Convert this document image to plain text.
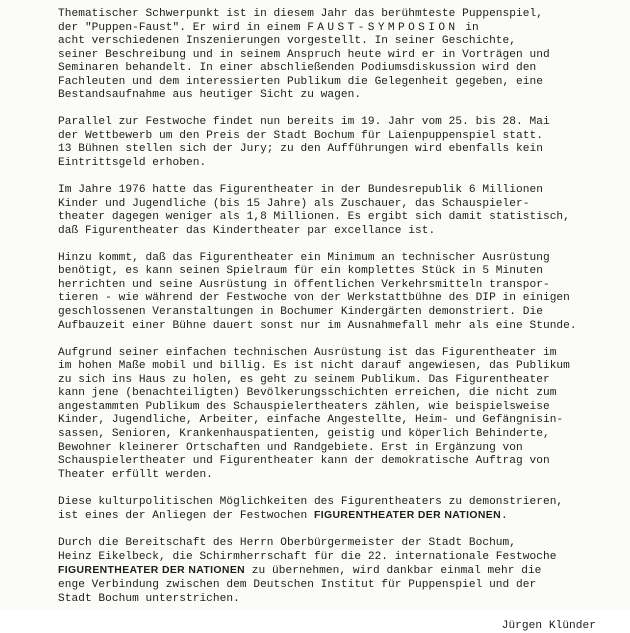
Thematischer Schwerpunkt ist in diesem Jahr das berühmteste Puppenspiel,
der "Puppen-Faust". Er wird in einem FAUST-SYMPOSION in
acht verschiedenen Inszenierungen vorgestellt. In seiner Geschichte,
seiner Beschreibung und in seinem Anspruch heute wird er in Vorträgen und
Seminaren behandelt. In einer abschließenden Podiumsdiskussion wird den
Fachleuten und dem interessierten Publikum die Gelegenheit gegeben, eine
Bestandsaufnahme aus heutiger Sicht zu wagen.
Parallel zur Festwoche findet nun bereits im 19. Jahr vom 25. bis 28. Mai
der Wettbewerb um den Preis der Stadt Bochum für Laienpuppenspiel statt.
13 Bühnen stellen sich der Jury; zu den Aufführungen wird ebenfalls kein
Eintrittsgeld erhoben.
Im Jahre 1976 hatte das Figurentheater in der Bundesrepublik 6 Millionen
Kinder und Jugendliche (bis 15 Jahre) als Zuschauer, das Schauspieler-
theater dagegen weniger als 1,8 Millionen. Es ergibt sich damit statistisch,
daß Figurentheater das Kindertheater par excellance ist.
Hinzu kommt, daß das Figurentheater ein Minimum an technischer Ausrüstung
benötigt, es kann seinen Spielraum für ein komplettes Stück in 5 Minuten
herrichten und seine Ausrüstung in öffentlichen Verkehrsmitteln transpor-
tieren - wie während der Festwoche von der Werkstattbühne des DIP in einigen
geschlossenen Veranstaltungen in Bochumer Kindergärten demonstriert. Die
Aufbauzeit einer Bühne dauert sonst nur im Ausnahmefall mehr als eine Stunde.
Aufgrund seiner einfachen technischen Ausrüstung ist das Figurentheater im
im hohen Maße mobil und billig. Es ist nicht darauf angewiesen, das Publikum
zu sich ins Haus zu holen, es geht zu seinem Publikum. Das Figurentheater
kann jene (benachteiligten) Bevölkerungsschichten erreichen, die nicht zum
angestammten Publikum des Schauspielertheaters zählen, wie beispielsweise
Kinder, Jugendliche, Arbeiter, einfache Angestellte, Heim- und Gefängnisin-
sassen, Senioren, Krankenhauspatienten, geistig und köperlich Behinderte,
Bewohner kleinerer Ortschaften und Randgebiete. Erst in Ergänzung von
Schauspielertheater und Figurentheater kann der demokratische Auftrag von
Theater erfüllt werden.
Diese kulturpolitischen Möglichkeiten des Figurentheaters zu demonstrieren,
ist eines der Anliegen der Festwochen FIGURENTHEATER DER NATIONEN.
Durch die Bereitschaft des Herrn Oberbürgermeister der Stadt Bochum,
Heinz Eikelbeck, die Schirmherrschaft für die 22. internationale Festwoche
FIGURENTHEATER DER NATIONEN zu übernehmen, wird dankbar einmal mehr die
enge Verbindung zwischen dem Deutschen Institut für Puppenspiel und der
Stadt Bochum unterstrichen.
Jürgen Klünder
